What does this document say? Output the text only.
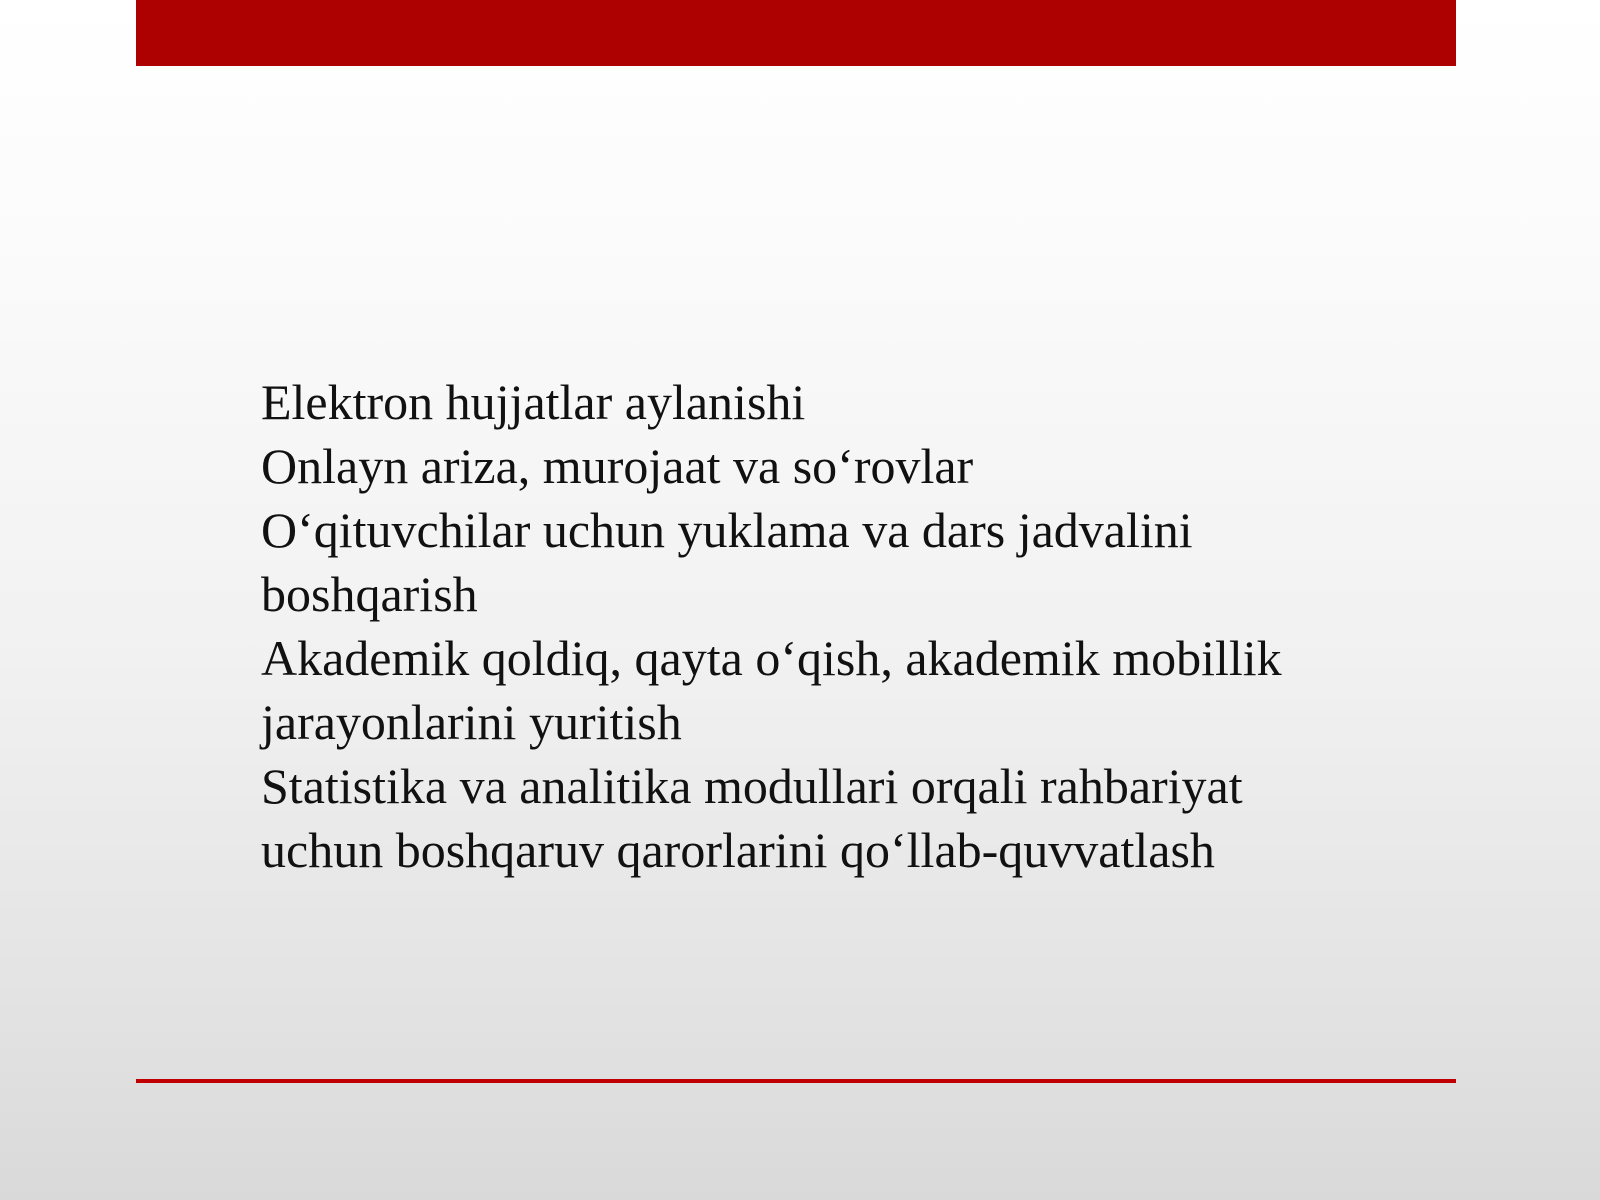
Elektron hujjatlar aylanishi
Onlayn ariza, murojaat va so‘rovlar
O‘qituvchilar uchun yuklama va dars jadvalini
boshqarish
Akademik qoldiq, qayta o‘qish, akademik mobillik
jarayonlarini yuritish
Statistika va analitika modullari orqali rahbariyat
uchun boshqaruv qarorlarini qo‘llab-quvvatlash
